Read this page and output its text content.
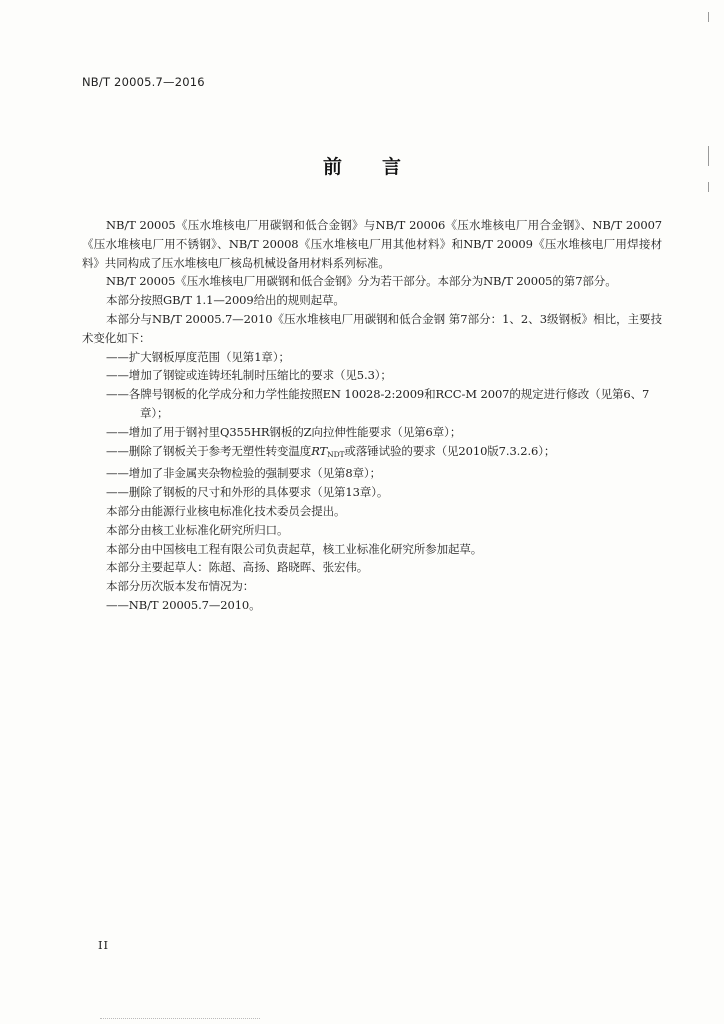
NB/T 20005.7—2016
前言

NB/T 20005《压水堆核电厂用碳钢和低合金钢》与NB/T 20006《压水堆核电厂用合金钢》、NB/T 20007《压水堆核电厂用不锈钢》、NB/T 20008《压水堆核电厂用其他材料》和NB/T 20009《压水堆核电厂用焊接材料》共同构成了压水堆核电厂核岛机械设备用材料系列标准。

NB/T 20005《压水堆核电厂用碳钢和低合金钢》分为若干部分。本部分为NB/T 20005的第7部分。

本部分按照GB/T 1.1—2009给出的规则起草。

本部分与NB/T 20005.7—2010《压水堆核电厂用碳钢和低合金钢 第7部分：1、2、3级钢板》相比，主要技术变化如下：

——扩大钢板厚度范围（见第1章）；

——增加了钢锭或连铸坯轧制时压缩比的要求（见5.3）；

——各牌号钢板的化学成分和力学性能按照EN 10028-2:2009和RCC-M 2007的规定进行修改（见第6、7章）；

——增加了用于钢衬里Q355HR钢板的Z向拉伸性能要求（见第6章）；

——删除了钢板关于参考无塑性转变温度$RT_{NDT}$或落锤试验的要求（见2010版7.3.2.6）；

——增加了非金属夹杂物检验的强制要求（见第8章）；

——删除了钢板的尺寸和外形的具体要求（见第13章）。

本部分由能源行业核电标准化技术委员会提出。

本部分由核工业标准化研究所归口。

本部分由中国核电工程有限公司负责起草，核工业标准化研究所参加起草。

本部分主要起草人：陈超、高扬、路晓晖、张宏伟。

本部分历次版本发布情况为：

——NB/T 20005.7—2010。

II
